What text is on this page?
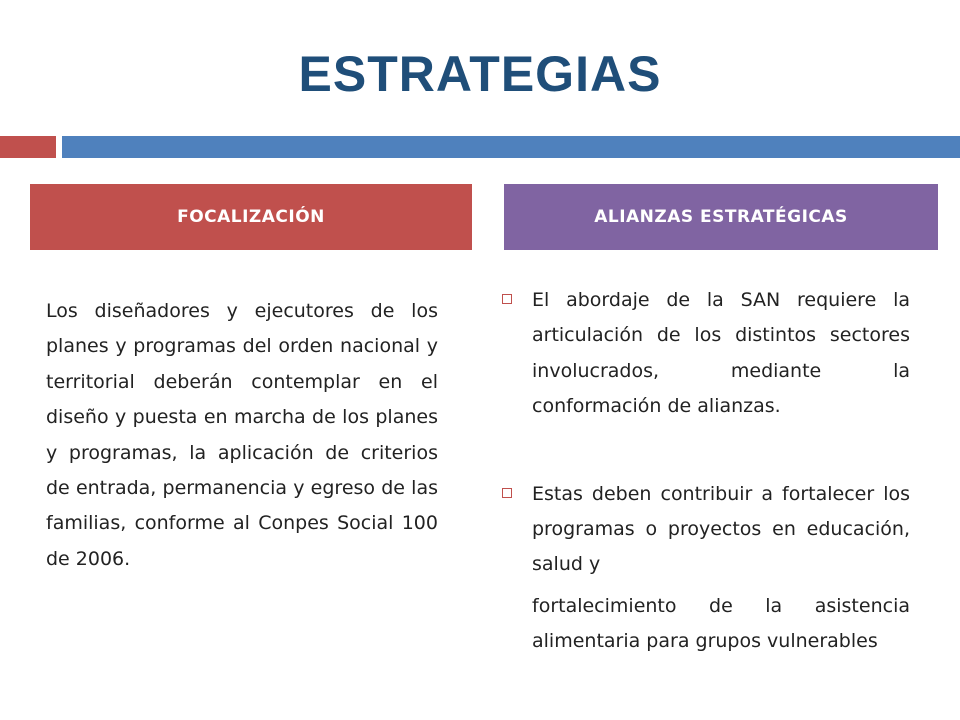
ESTRATEGIAS
FOCALIZACIÓN	ALIANZAS ESTRATÉGICAS
Los diseñadores y ejecutores de los planes y programas del orden nacional y territorial deberán contemplar en el diseño y puesta en marcha de los planes y programas, la aplicación de criterios de entrada, permanencia y egreso de las familias, conforme al Conpes Social 100 de 2006.
El abordaje de la SAN requiere la articulación de los distintos sectores involucrados, mediante la conformación de alianzas.
Estas deben contribuir a fortalecer los programas o proyectos en educación, salud y
fortalecimiento de la asistencia alimentaria para grupos vulnerables
